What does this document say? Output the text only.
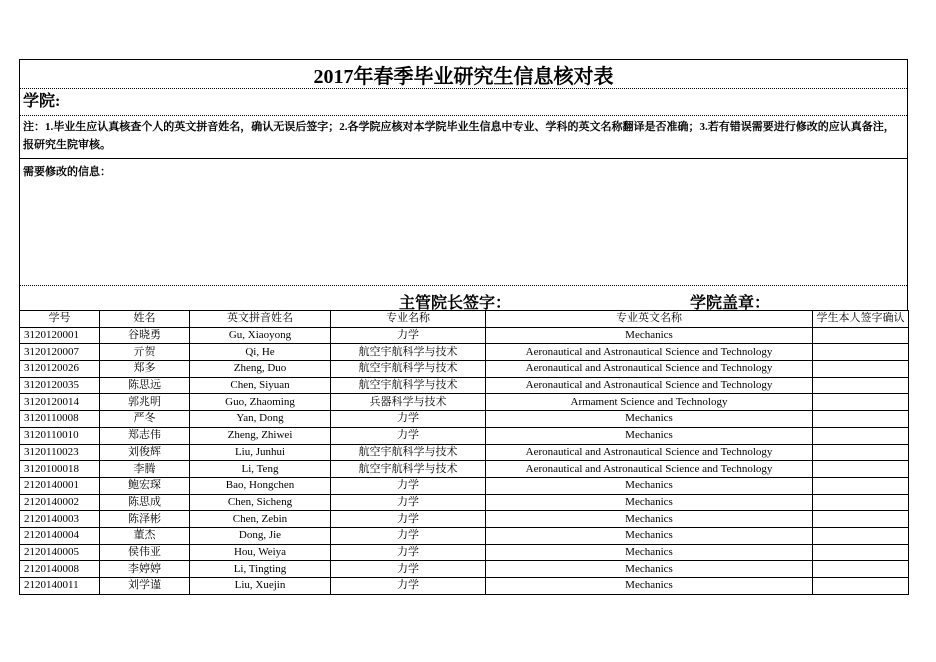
2017年春季毕业研究生信息核对表
学院:
注：1.毕业生应认真核查个人的英文拼音姓名，确认无误后签字；2.各学院应核对本学院毕业生信息中专业、学科的英文名称翻译是否准确；3.若有错误需要进行修改的应认真备注，报研究生院审核。
需要修改的信息：
主管院长签字：	学院盖章：
学号	姓名	英文拼音姓名	专业名称	专业英文名称	学生本人签字确认
3120120001	谷晓勇	Gu, Xiaoyong	力学	Mechanics	
3120120007	亓贺	Qi, He	航空宇航科学与技术	Aeronautical and Astronautical Science and Technology	
3120120026	郑多	Zheng, Duo	航空宇航科学与技术	Aeronautical and Astronautical Science and Technology	
3120120035	陈思远	Chen, Siyuan	航空宇航科学与技术	Aeronautical and Astronautical Science and Technology	
3120120014	郭兆明	Guo, Zhaoming	兵器科学与技术	Armament Science and Technology	
3120110008	严冬	Yan, Dong	力学	Mechanics	
3120110010	郑志伟	Zheng, Zhiwei	力学	Mechanics	
3120110023	刘俊辉	Liu, Junhui	航空宇航科学与技术	Aeronautical and Astronautical Science and Technology	
3120100018	李腾	Li, Teng	航空宇航科学与技术	Aeronautical and Astronautical Science and Technology	
2120140001	鲍宏琛	Bao, Hongchen	力学	Mechanics	
2120140002	陈思成	Chen, Sicheng	力学	Mechanics	
2120140003	陈泽彬	Chen, Zebin	力学	Mechanics	
2120140004	董杰	Dong, Jie	力学	Mechanics	
2120140005	侯伟亚	Hou, Weiya	力学	Mechanics	
2120140008	李婷婷	Li, Tingting	力学	Mechanics	
2120140011	刘学谨	Liu, Xuejin	力学	Mechanics	
